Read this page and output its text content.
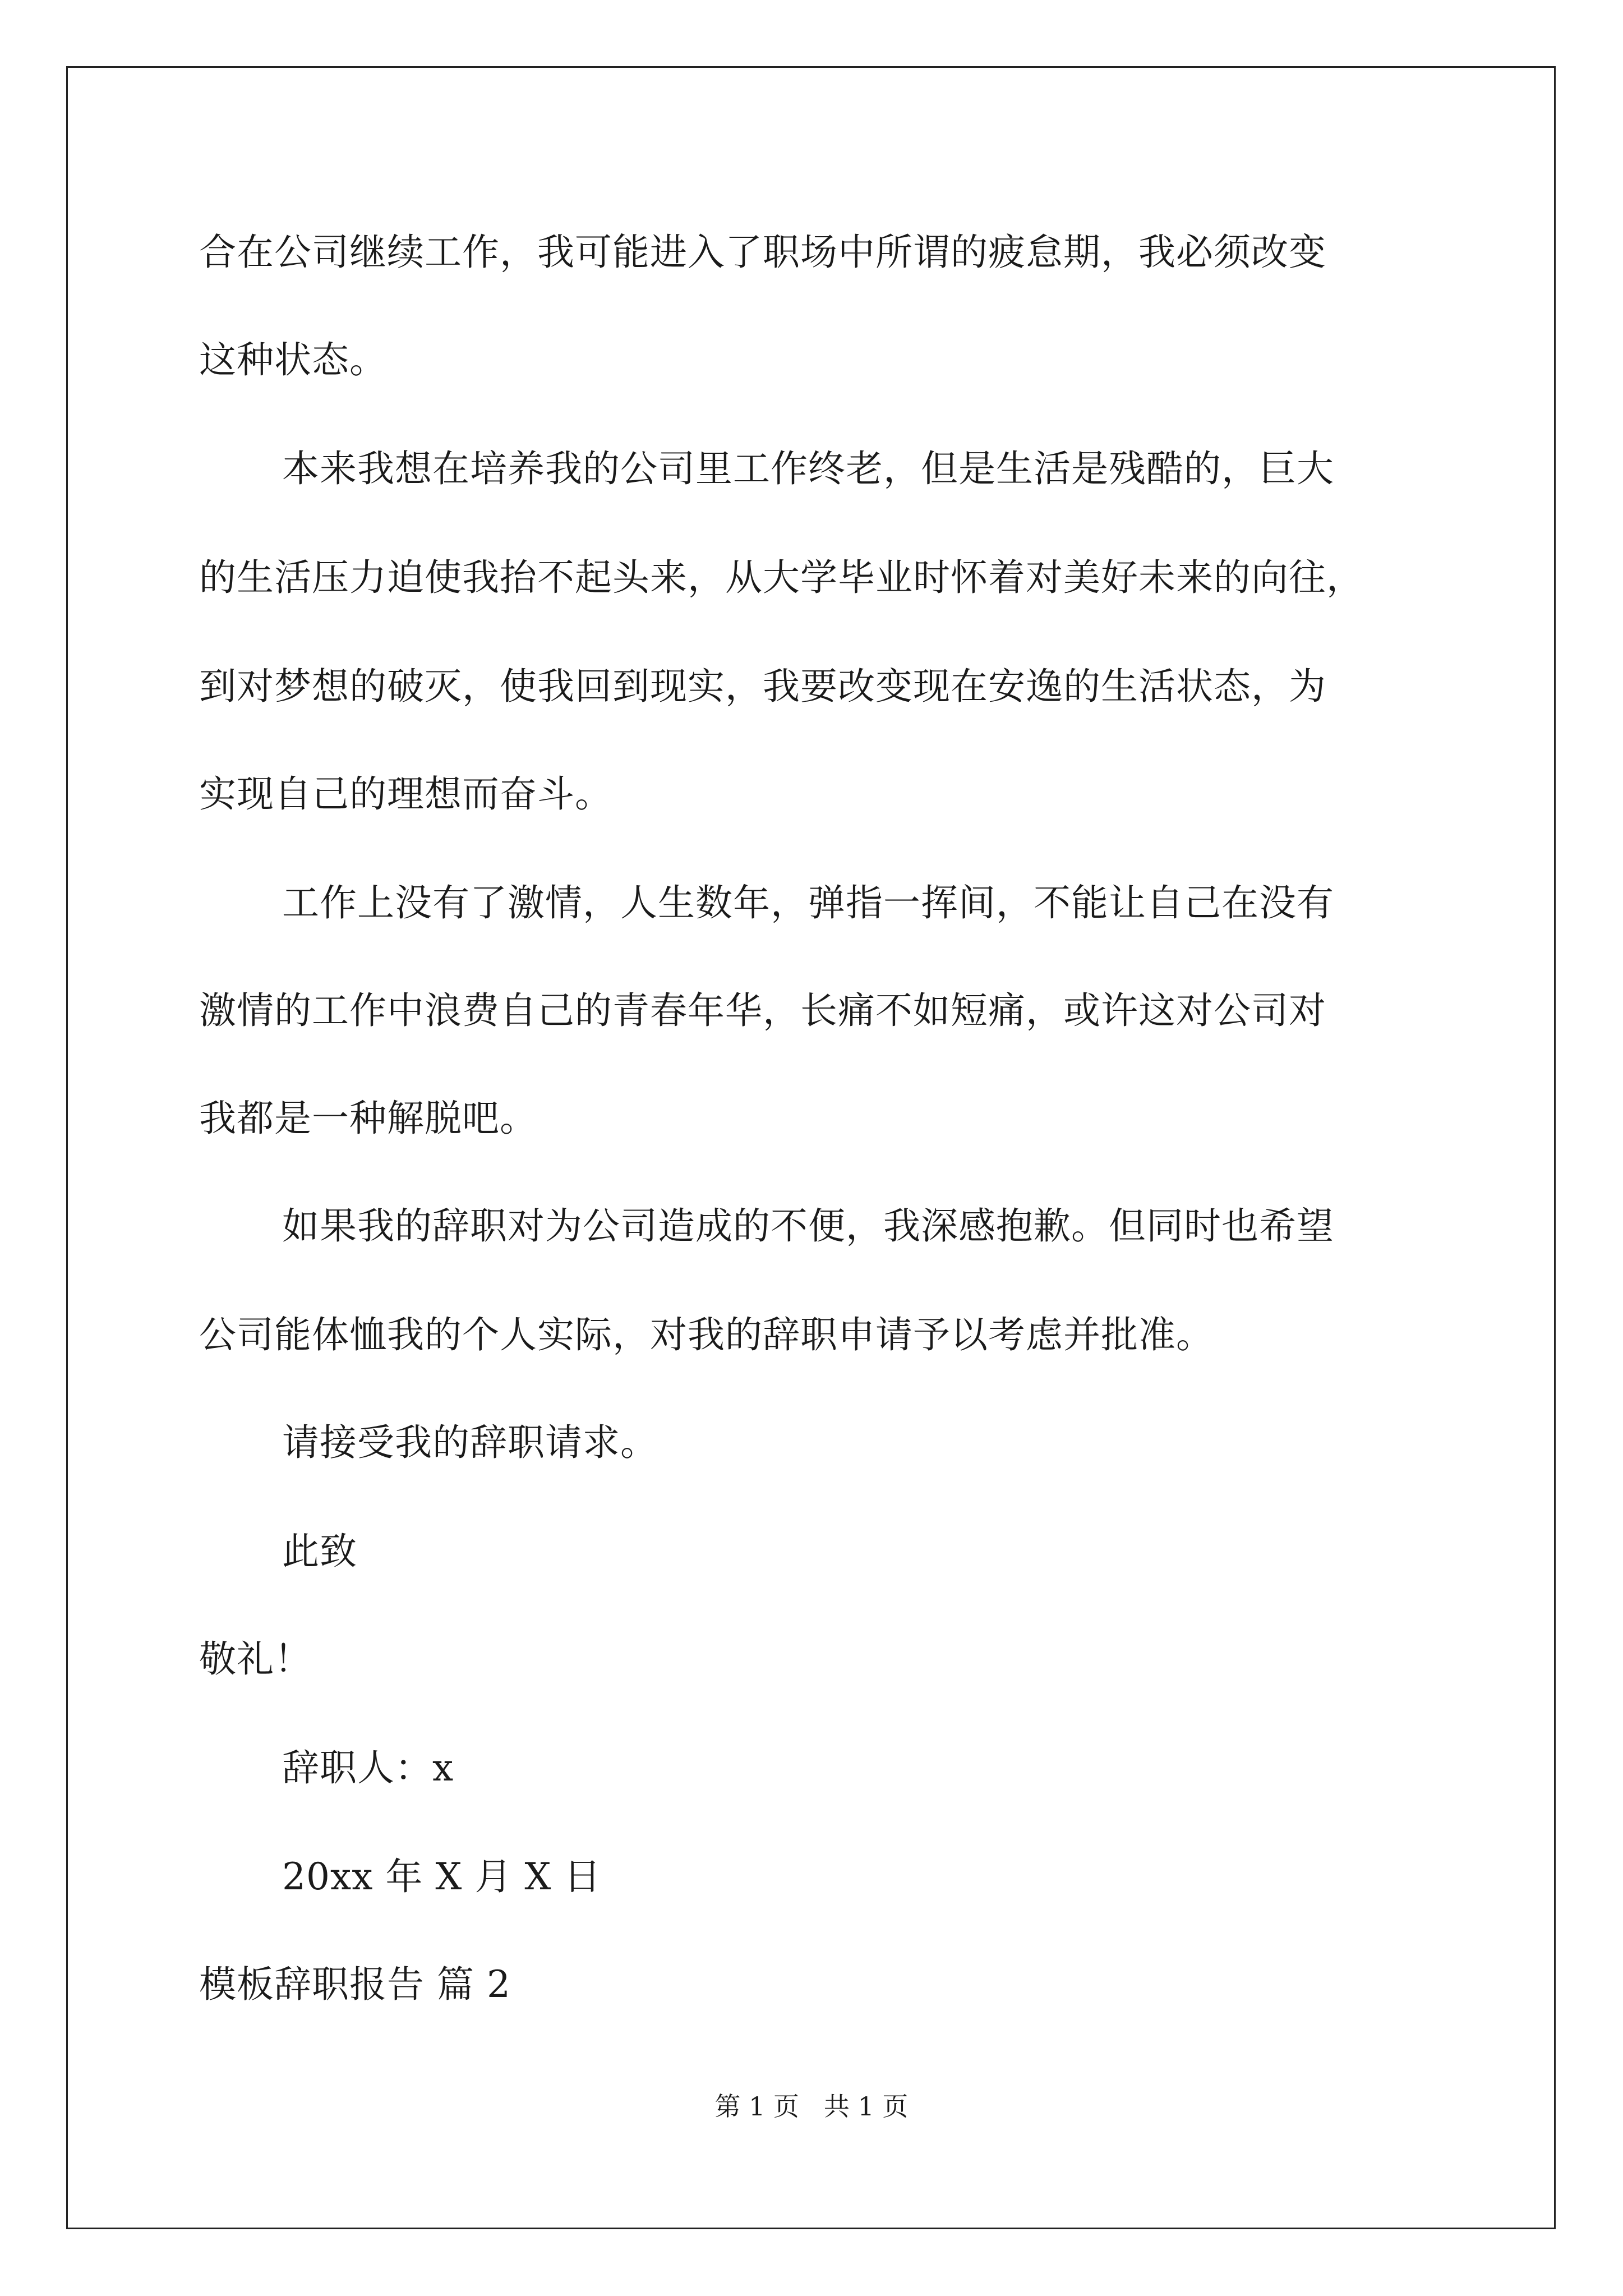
合在公司继续工作，我可能进入了职场中所谓的疲怠期，我必须改变
这种状态。
本来我想在培养我的公司里工作终老，但是生活是残酷的，巨大
的生活压力迫使我抬不起头来，从大学毕业时怀着对美好未来的向往，
到对梦想的破灭，使我回到现实，我要改变现在安逸的生活状态，为
实现自己的理想而奋斗。
工作上没有了激情，人生数年，弹指一挥间，不能让自己在没有
激情的工作中浪费自己的青春年华，长痛不如短痛，或许这对公司对
我都是一种解脱吧。
如果我的辞职对为公司造成的不便，我深感抱歉。但同时也希望
公司能体恤我的个人实际，对我的辞职申请予以考虑并批准。
请接受我的辞职请求。
此致
敬礼！
辞职人：x
20xx 年 X 月 X 日
模板辞职报告 篇 2
第 1 页   共 1 页
